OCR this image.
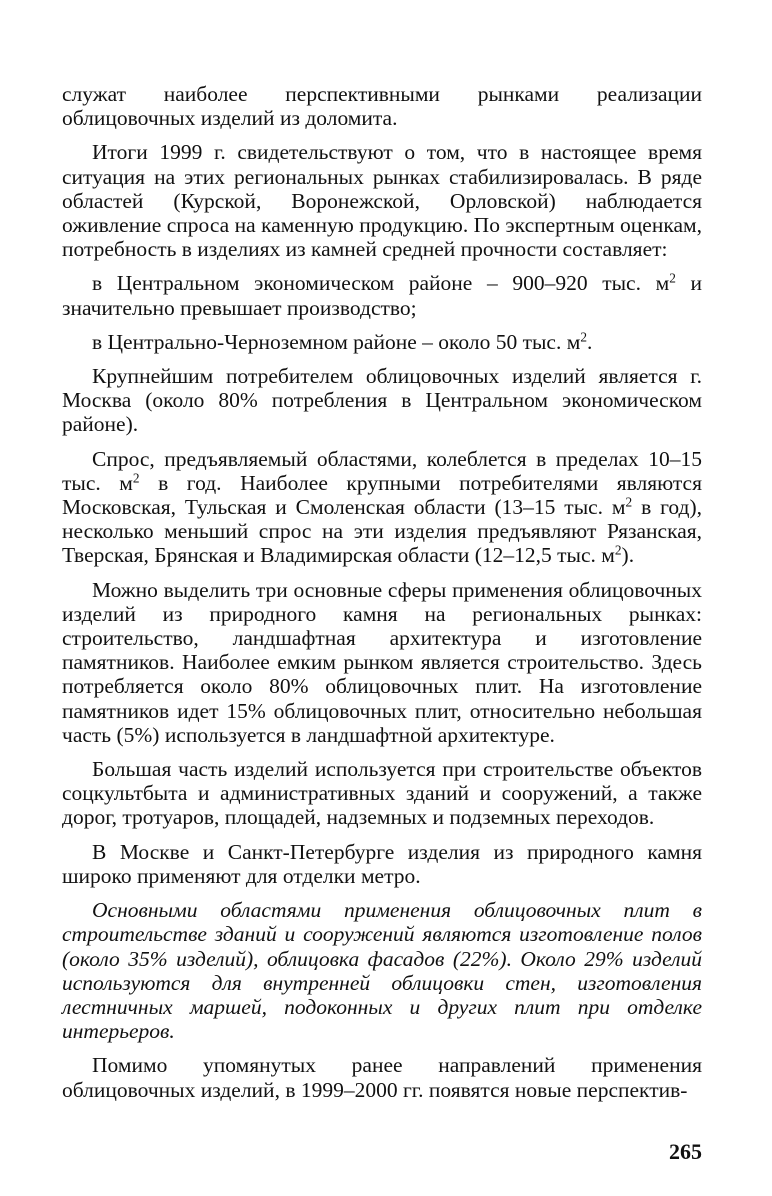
служат наиболее перспективными рынками реализации облицовочных изделий из доломита.

Итоги 1999 г. свидетельствуют о том, что в настоящее время ситуация на этих региональных рынках стабилизировалась. В ряде областей (Курской, Воронежской, Орловской) наблюдается оживление спроса на каменную продукцию. По экспертным оценкам, потребность в изделиях из камней средней прочности составляет:

в Центральном экономическом районе – 900–920 тыс. $м^2$ и значительно превышает производство;

в Центрально-Черноземном районе – около 50 тыс. $м^2$.

Крупнейшим потребителем облицовочных изделий является г. Москва (около 80% потребления в Центральном экономическом районе).

Спрос, предъявляемый областями, колеблется в пределах 10–15 тыс. $м^2$ в год. Наиболее крупными потребителями являются Московская, Тульская и Смоленская области (13–15 тыс. $м^2$ в год), несколько меньший спрос на эти изделия предъявляют Рязанская, Тверская, Брянская и Владимирская области (12–12,5 тыс. $м^2$).

Можно выделить три основные сферы применения облицовочных изделий из природного камня на региональных рынках: строительство, ландшафтная архитектура и изготовление памятников. Наиболее емким рынком является строительство. Здесь потребляется около 80% облицовочных плит. На изготовление памятников идет 15% облицовочных плит, относительно небольшая часть (5%) используется в ландшафтной архитектуре.

Большая часть изделий используется при строительстве объектов соцкультбыта и административных зданий и сооружений, а также дорог, тротуаров, площадей, надземных и подземных переходов.

В Москве и Санкт-Петербурге изделия из природного камня широко применяют для отделки метро.

Основными областями применения облицовочных плит в строительстве зданий и сооружений являются изготовление полов (около 35% изделий), облицовка фасадов (22%). Около 29% изделий используются для внутренней облицовки стен, изготовления лестничных маршей, подоконных и других плит при отделке интерьеров.

Помимо упомянутых ранее направлений применения облицовочных изделий, в 1999–2000 гг. появятся новые перспектив-

265
